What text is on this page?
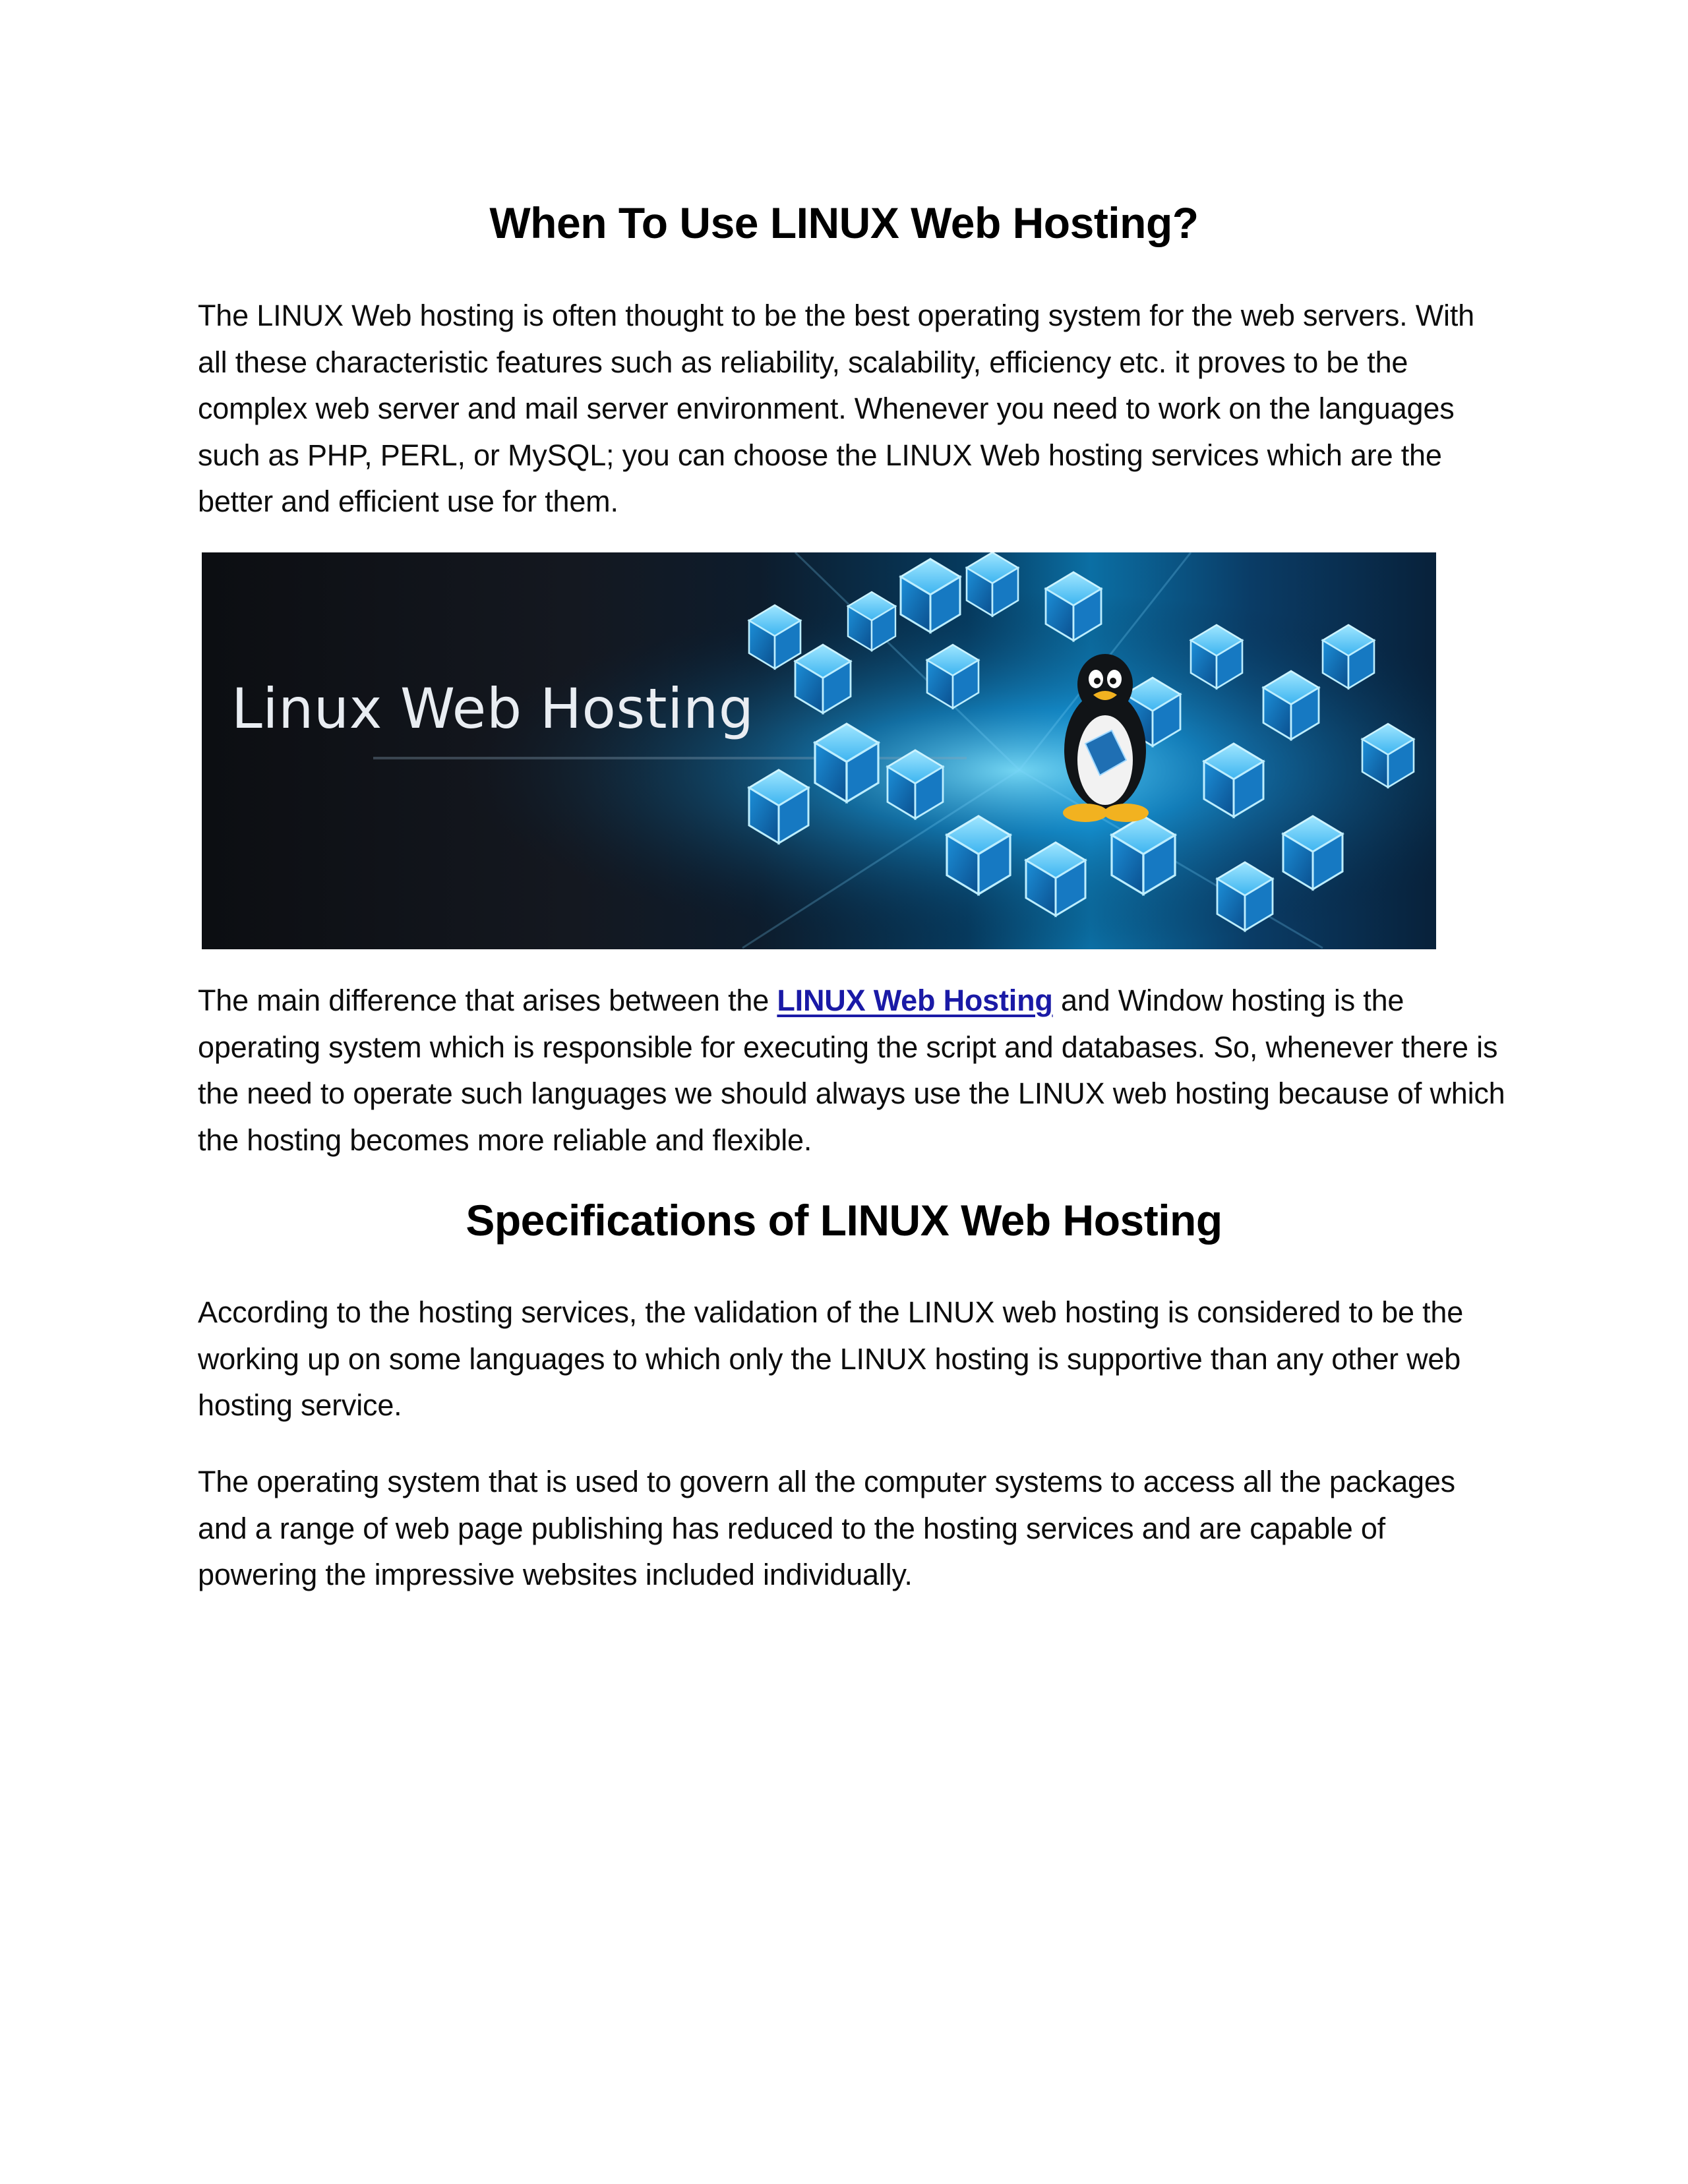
When To Use LINUX Web Hosting?

The LINUX Web hosting is often thought to be the best operating system for the web servers. With all these characteristic features such as reliability, scalability, efficiency etc. it proves to be the complex web server and mail server environment. Whenever you need to work on the languages such as PHP, PERL, or MySQL; you can choose the LINUX Web hosting services which are the better and efficient use for them.

Linux Web Hosting

The main difference that arises between the LINUX Web Hosting and Window hosting is the operating system which is responsible for executing the script and databases. So, whenever there is the need to operate such languages we should always use the LINUX web hosting because of which the hosting becomes more reliable and flexible.

Specifications of LINUX Web Hosting

According to the hosting services, the validation of the LINUX web hosting is considered to be the working up on some languages to which only the LINUX hosting is supportive than any other web hosting service.

The operating system that is used to govern all the computer systems to access all the packages and a range of web page publishing has reduced to the hosting services and are capable of powering the impressive websites included individually.
